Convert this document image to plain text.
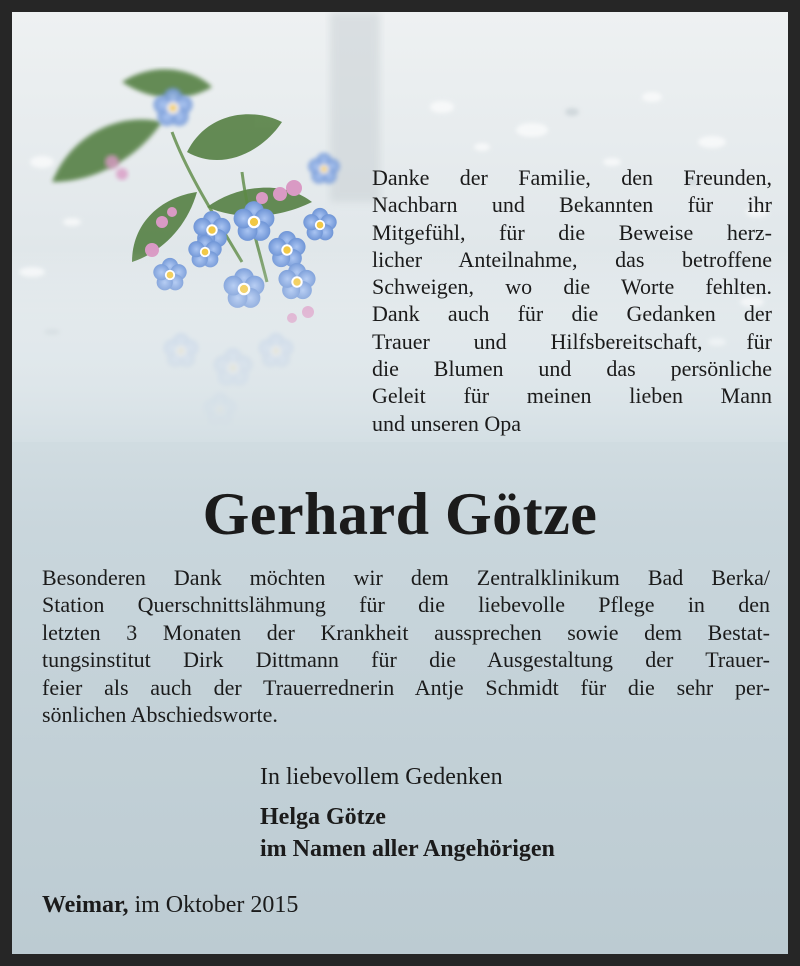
Danke der Familie, den Freunden,
Nachbarn und Bekannten für ihr
Mitgefühl, für die Beweise herz-
licher Anteilnahme, das betroffene
Schweigen, wo die Worte fehlten.
Dank auch für die Gedanken der
Trauer und Hilfsbereitschaft, für
die Blumen und das persönliche
Geleit für meinen lieben Mann
und unseren Opa
Gerhard Götze
Besonderen Dank möchten wir dem Zentralklinikum Bad Berka/
Station Querschnittslähmung für die liebevolle Pflege in den
letzten 3 Monaten der Krankheit aussprechen sowie dem Bestat-
tungsinstitut Dirk Dittmann für die Ausgestaltung der Trauer-
feier als auch der Trauerrednerin Antje Schmidt für die sehr per-
sönlichen Abschiedsworte.
In liebevollem Gedenken
Helga Götze
im Namen aller Angehörigen
Weimar, im Oktober 2015
